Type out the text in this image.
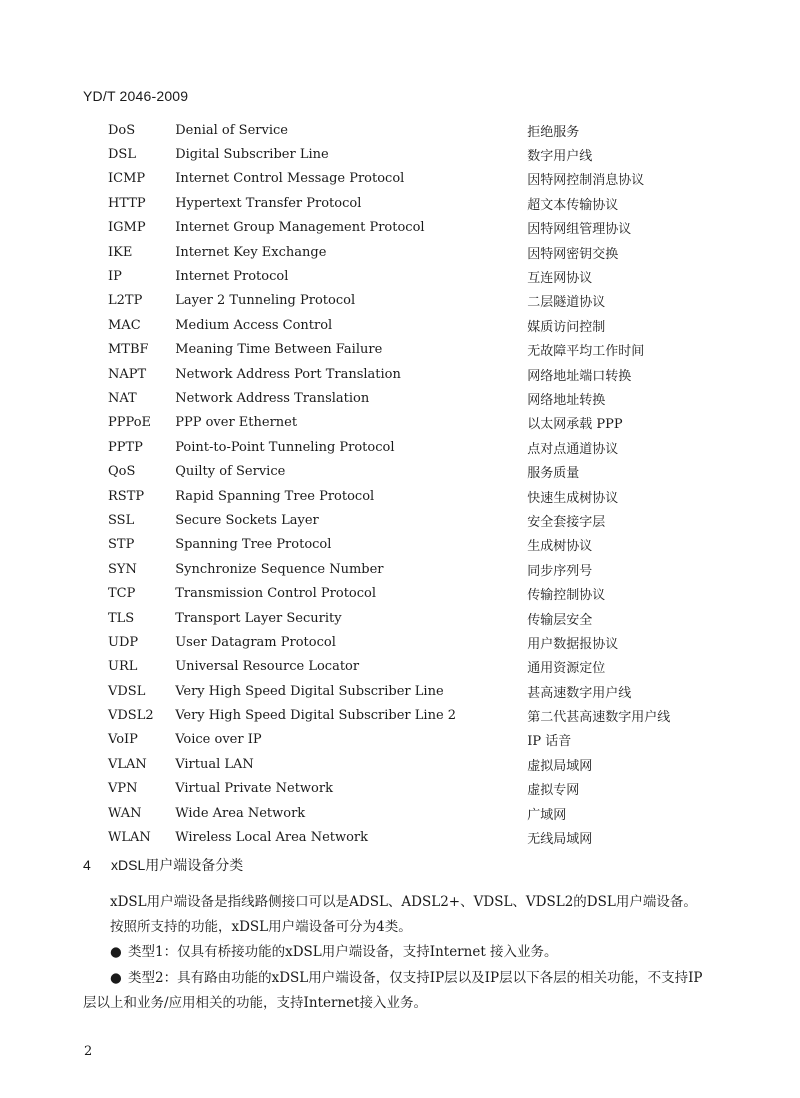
YD/T 2046-2009
DoS	Denial of Service	拒绝服务
DSL	Digital Subscriber Line	数字用户线
ICMP	Internet Control Message Protocol	因特网控制消息协议
HTTP	Hypertext Transfer Protocol	超文本传输协议
IGMP	Internet Group Management Protocol	因特网组管理协议
IKE	Internet Key Exchange	因特网密钥交换
IP	Internet Protocol	互连网协议
L2TP	Layer 2 Tunneling Protocol	二层隧道协议
MAC	Medium Access Control	媒质访问控制
MTBF	Meaning Time Between Failure	无故障平均工作时间
NAPT	Network Address Port Translation	网络地址端口转换
NAT	Network Address Translation	网络地址转换
PPPoE	PPP over Ethernet	以太网承载 PPP
PPTP	Point-to-Point Tunneling Protocol	点对点通道协议
QoS	Quilty of Service	服务质量
RSTP	Rapid Spanning Tree Protocol	快速生成树协议
SSL	Secure Sockets Layer	安全套接字层
STP	Spanning Tree Protocol	生成树协议
SYN	Synchronize Sequence Number	同步序列号
TCP	Transmission Control Protocol	传输控制协议
TLS	Transport Layer Security	传输层安全
UDP	User Datagram Protocol	用户数据报协议
URL	Universal Resource Locator	通用资源定位
VDSL	Very High Speed Digital Subscriber Line	甚高速数字用户线
VDSL2	Very High Speed Digital Subscriber Line 2	第二代甚高速数字用户线
VoIP	Voice over IP	IP 话音
VLAN	Virtual LAN	虚拟局域网
VPN	Virtual Private Network	虚拟专网
WAN	Wide Area Network	广域网
WLAN	Wireless Local Area Network	无线局域网
4 xDSL用户端设备分类
xDSL用户端设备是指线路侧接口可以是ADSL、ADSL2+、VDSL、VDSL2的DSL用户端设备。
按照所支持的功能，xDSL用户端设备可分为4类。
● 类型1：仅具有桥接功能的xDSL用户端设备，支持Internet 接入业务。
● 类型2：具有路由功能的xDSL用户端设备，仅支持IP层以及IP层以下各层的相关功能，不支持IP
层以上和业务/应用相关的功能，支持Internet接入业务。
2
